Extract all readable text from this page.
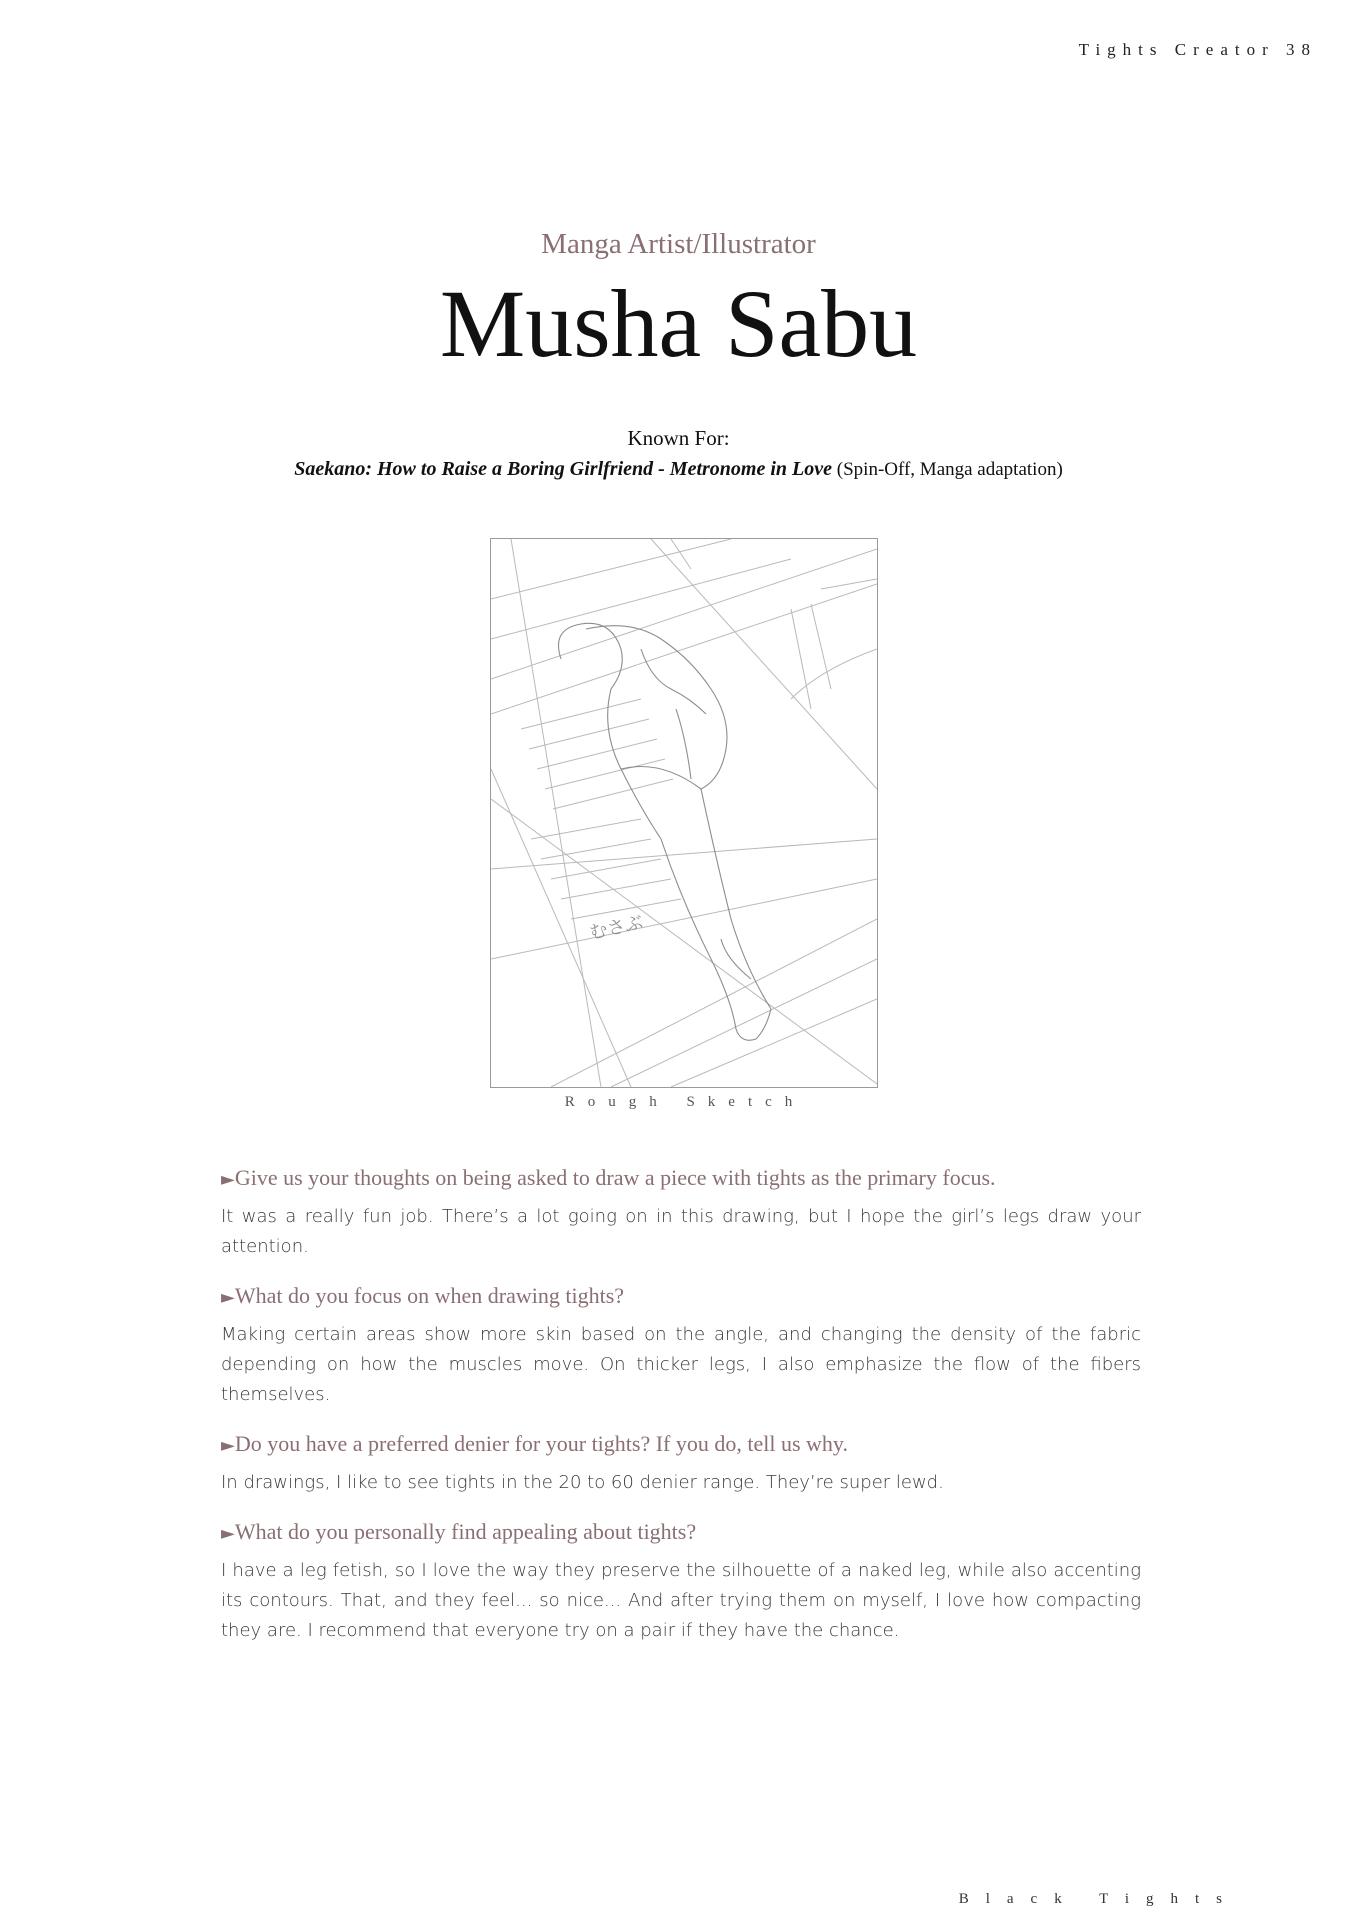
Tights Creator 38
Manga Artist/Illustrator
Musha Sabu
Known For:
Saekano: How to Raise a Boring Girlfriend - Metronome in Love (Spin-Off, Manga adaptation)
むさぶ
Rough Sketch

►Give us your thoughts on being asked to draw a piece with tights as the primary focus.

It was a really fun job. There’s a lot going on in this drawing, but I hope the girl’s legs draw your attention.

►What do you focus on when drawing tights?

Making certain areas show more skin based on the angle, and changing the density of the fabric depending on how the muscles move. On thicker legs, I also emphasize the flow of the fibers themselves.

►Do you have a preferred denier for your tights? If you do, tell us why.

In drawings, I like to see tights in the 20 to 60 denier range. They’re super lewd.

►What do you personally find appealing about tights?

I have a leg fetish, so I love the way they preserve the silhouette of a naked leg, while also accenting its contours. That, and they feel... so nice... And after trying them on myself, I love how compacting they are. I recommend that everyone try on a pair if they have the chance.

Black Tights
